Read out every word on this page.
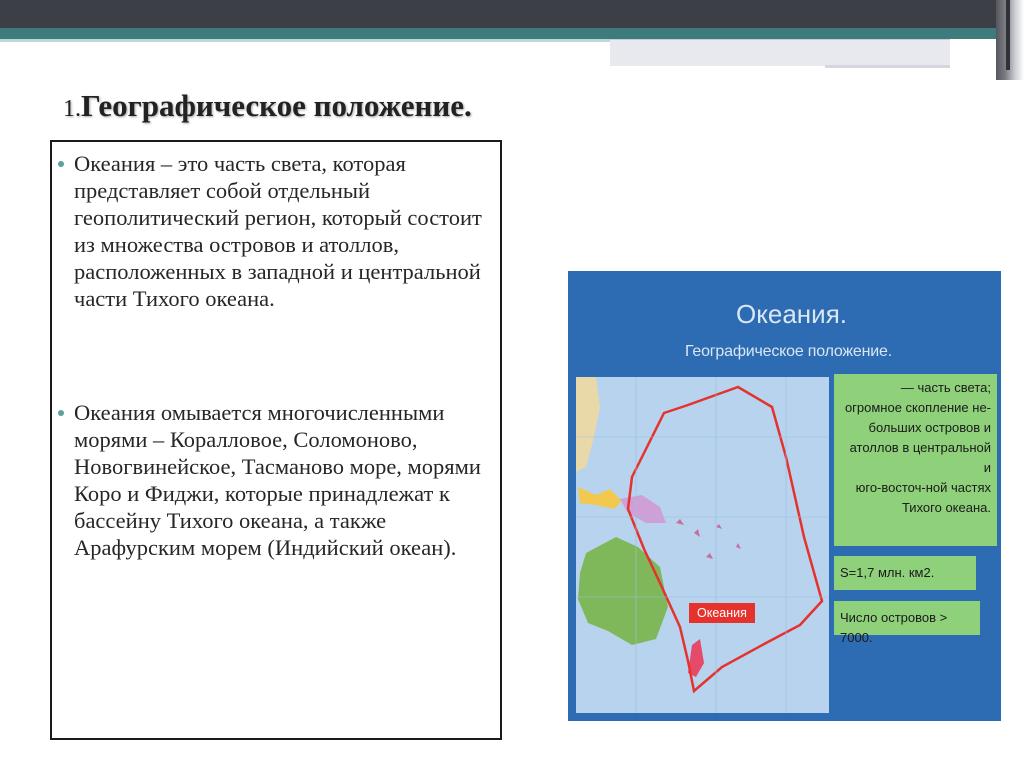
1.Географическое положение.

Океания – это часть света, которая представляет собой отдельный геополитический регион, который состоит из множества островов и атоллов, расположенных в западной и центральной части Тихого океана.

Океания омывается многочисленными морями – Коралловое, Соломоново, Новогвинейское, Тасманово море, морями Коро и Фиджи, которые принадлежат к бассейну Тихого океана, а также Арафурским морем (Индийский океан).

Океания.
Географическое положение.
Океания
— часть света;
огромное скопление не-
больших островов и
атоллов в центральной и
юго-восточ-ной частях
Тихого океана.
S=1,7 млн. км2.
Число островов > 7000.
